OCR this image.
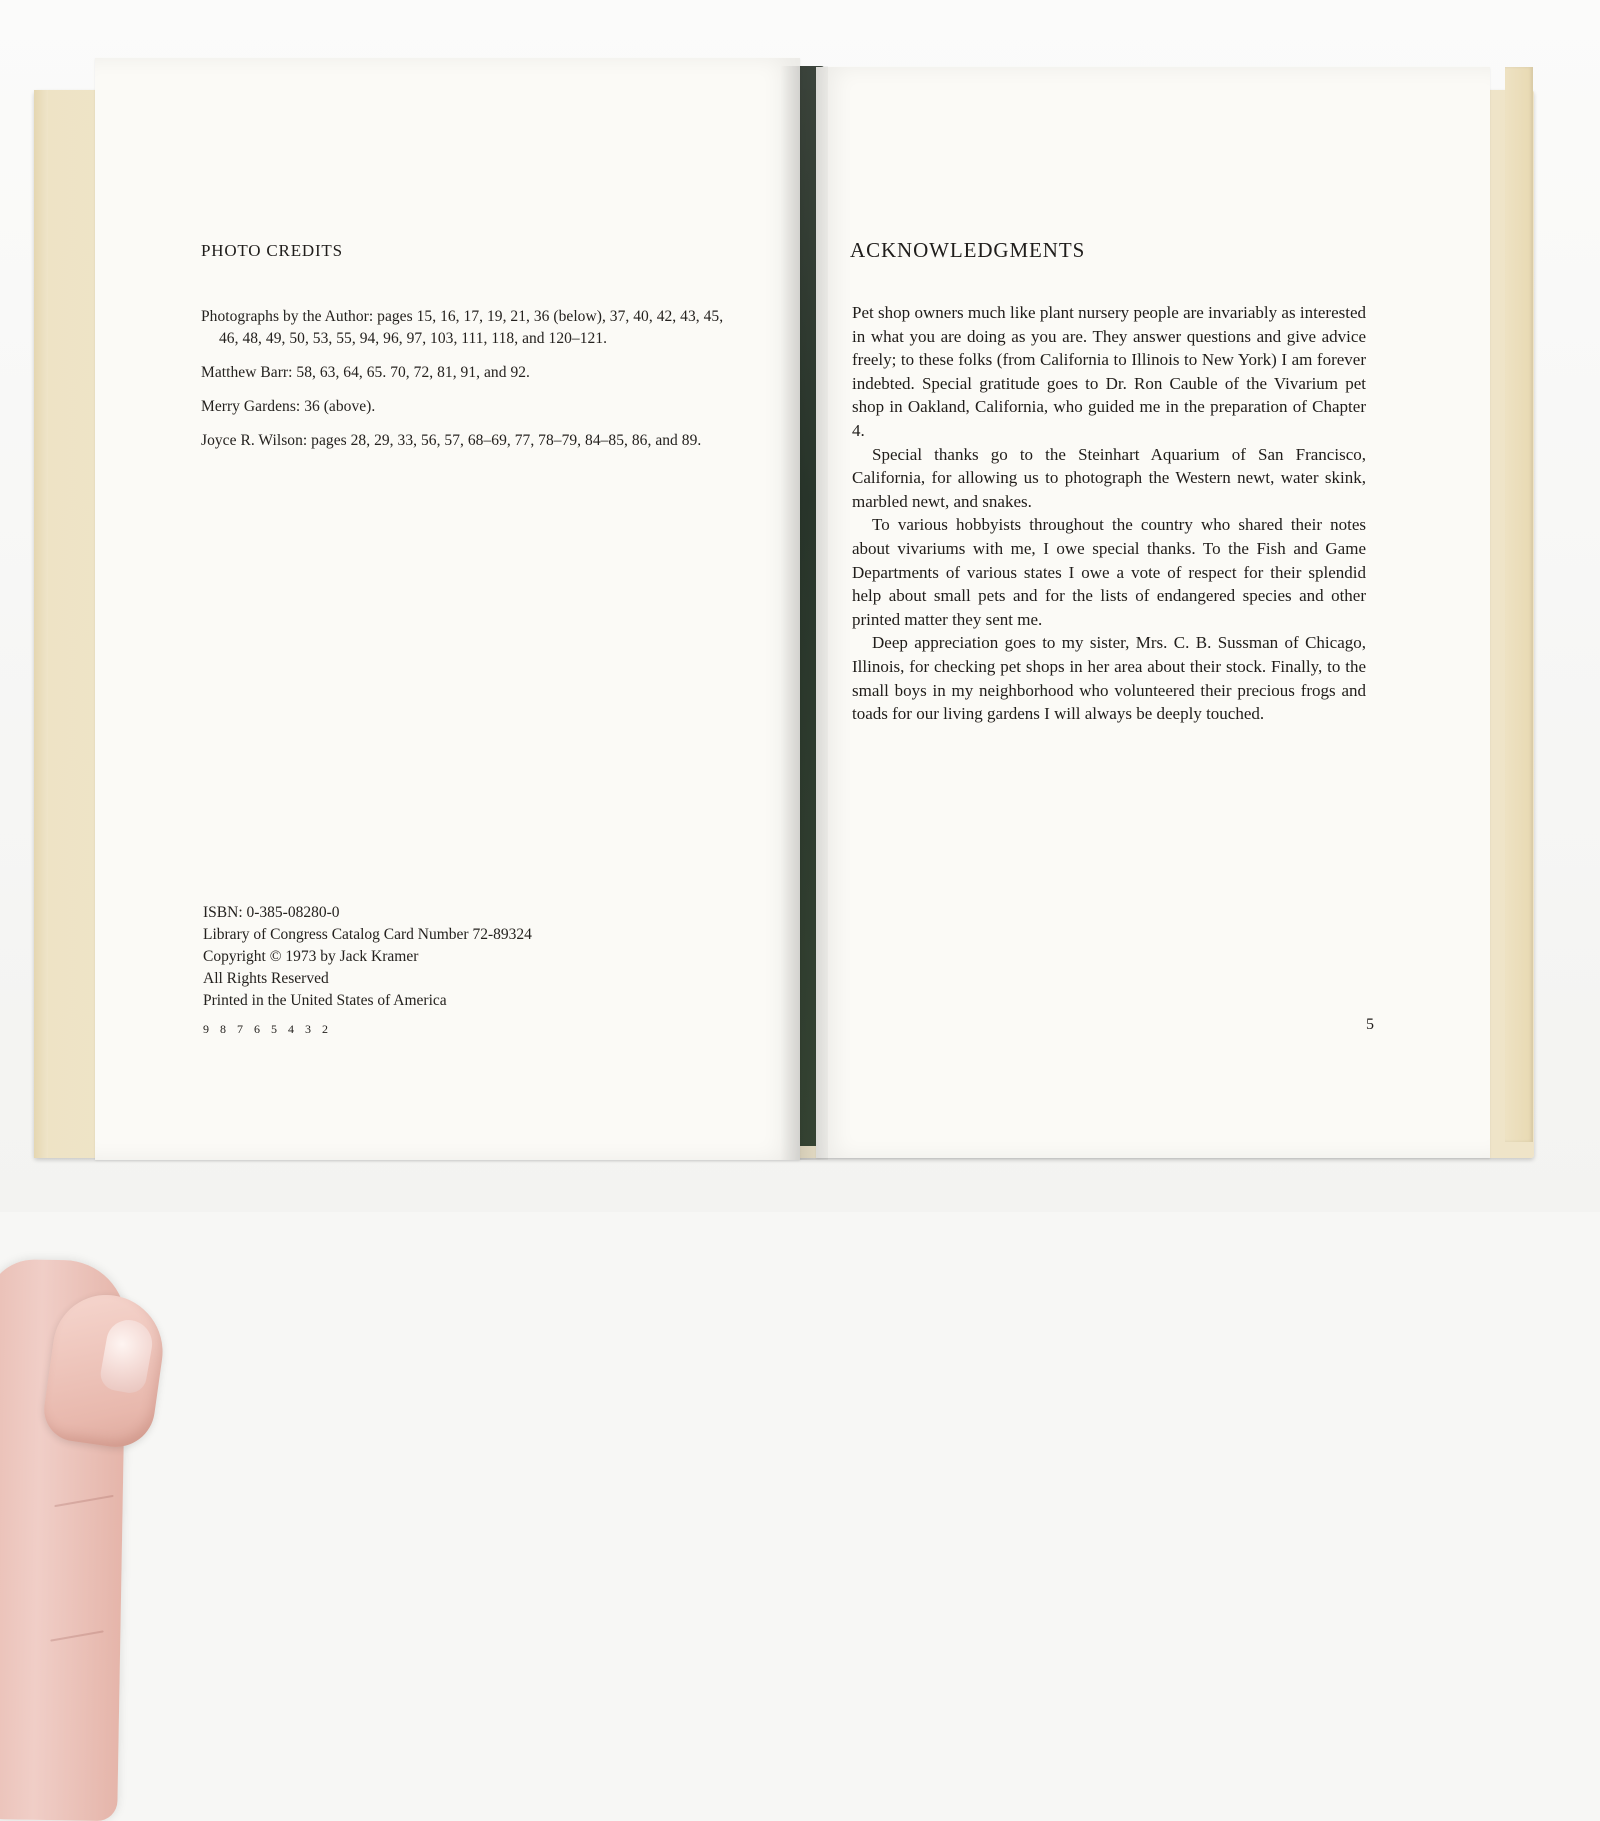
PHOTO CREDITS

Photographs by the Author: pages 15, 16, 17, 19, 21, 36 (below), 37, 40, 42, 43, 45, 46, 48, 49, 50, 53, 55, 94, 96, 97, 103, 111, 118, and 120–121.

Matthew Barr: 58, 63, 64, 65. 70, 72, 81, 91, and 92.

Merry Gardens: 36 (above).

Joyce R. Wilson: pages 28, 29, 33, 56, 57, 68–69, 77, 78–79, 84–85, 86, and 89.

ISBN: 0-385-08280-0
Library of Congress Catalog Card Number 72-89324
Copyright © 1973 by Jack Kramer
All Rights Reserved
Printed in the United States of America
9 8 7 6 5 4 3 2
ACKNOWLEDGMENTS

Pet shop owners much like plant nursery people are invariably as interested in what you are doing as you are. They answer questions and give advice freely; to these folks (from California to Illinois to New York) I am forever indebted. Special gratitude goes to Dr. Ron Cauble of the Vivarium pet shop in Oakland, California, who guided me in the preparation of Chapter 4.

Special thanks go to the Steinhart Aquarium of San Francisco, California, for allowing us to photograph the Western newt, water skink, marbled newt, and snakes.

To various hobbyists throughout the country who shared their notes about vivariums with me, I owe special thanks. To the Fish and Game Departments of various states I owe a vote of respect for their splendid help about small pets and for the lists of endangered species and other printed matter they sent me.

Deep appreciation goes to my sister, Mrs. C. B. Sussman of Chicago, Illinois, for checking pet shops in her area about their stock. Finally, to the small boys in my neighborhood who volunteered their precious frogs and toads for our living gardens I will always be deeply touched.

5
